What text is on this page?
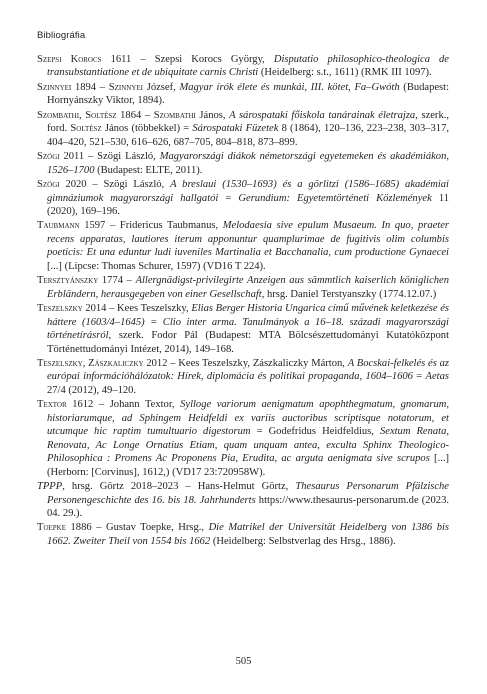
Bibliográfia

Szepsi Korocs 1611 – Szepsi Korocs György, Disputatio philosophico-theologica de transubstantiatione et de ubiquitate carnis Christi (Heidelberg: s.t., 1611) (RMK III 1097).

Szinnyei 1894 – Szinnyei József, Magyar írók élete és munkái, III. kötet, Fa–Gwóth (Budapest: Hornyánszky Viktor, 1894).

Szombathi, Soltész 1864 – Szombathi János, A sárospataki főiskola tanárainak életrajza, szerk., ford. Soltész János (többekkel) = Sárospataki Füzetek 8 (1864), 120–136, 223–238, 303–317, 404–420, 521–530, 616–626, 687–705, 804–818, 873–899.

Szögi 2011 – Szögi László, Magyarországi diákok németországi egyetemeken és akadémiákon, 1526–1700 (Budapest: ELTE, 2011).

Szögi 2020 – Szögi László, A breslaui (1530–1693) és a görlitzi (1586–1685) akadémiai gimnáziumok magyarországi hallgatói = Gerundium: Egyetemtörténeti Közlemények 11 (2020), 169–196.

Taubmann 1597 – Fridericus Taubmanus, Melodaesia sive epulum Musaeum. In quo, praeter recens apparatas, lautiores iterum apponuntur quamplurimae de fugitivis olim columbis poeticis: Et una eduntur ludi iuveniles Martinalia et Bacchanalia, cum productione Gynaecei [...] (Lipcse: Thomas Schurer, 1597) (VD16 T 224).

Tersztyánszky 1774 – Allergnädigst-privilegirte Anzeigen aus sämmtlich kaiserlich königlichen Erbländern, herausgegeben von einer Gesellschaft, hrsg. Daniel Terstyanszky (1774.12.07.)

Teszelszky 2014 – Kees Teszelszky, Elias Berger Historia Ungarica című művének keletkezése és háttere (1603/4–1645) = Clio inter arma. Tanulmányok a 16–18. századi magyarországi történetírásról, szerk. Fodor Pál (Budapest: MTA Bölcsészettudományi Kutatóközpont Történettudományi Intézet, 2014), 149–168.

Teszelszky, Zászkaliczky 2012 – Kees Teszelszky, Zászkaliczky Márton, A Bocskai-felkelés és az európai információhálózatok: Hírek, diplomácia és politikai propaganda, 1604–1606 = Aetas 27/4 (2012), 49–120.

Textor 1612 – Johann Textor, Sylloge variorum aenigmatum apophthegmatum, gnomarum, historiarumque, ad Sphingem Heidfeldi ex variis auctoribus scriptisque notatorum, et utcumque hic raptim tumultuario digestorum = Godefridus Heidfeldius, Sextum Renata, Renovata, Ac Longe Ornatius Etiam, quam unquam antea, exculta Sphinx Theologico-Philosophica : Promens Ac Proponens Pia, Erudita, ac arguta aenigmata sive scrupos [...] (Herborn: [Corvinus], 1612,) (VD17 23:720958W).

TPPP, hrsg. Görtz 2018–2023 – Hans-Helmut Görtz, Thesaurus Personarum Pfälzische Personengeschichte des 16. bis 18. Jahrhunderts https://www.thesaurus-personarum.de (2023. 04. 29.).

Toepke 1886 – Gustav Toepke, Hrsg., Die Matrikel der Universität Heidelberg von 1386 bis 1662. Zweiter Theil von 1554 bis 1662 (Heidelberg: Selbstverlag des Hrsg., 1886).

505
